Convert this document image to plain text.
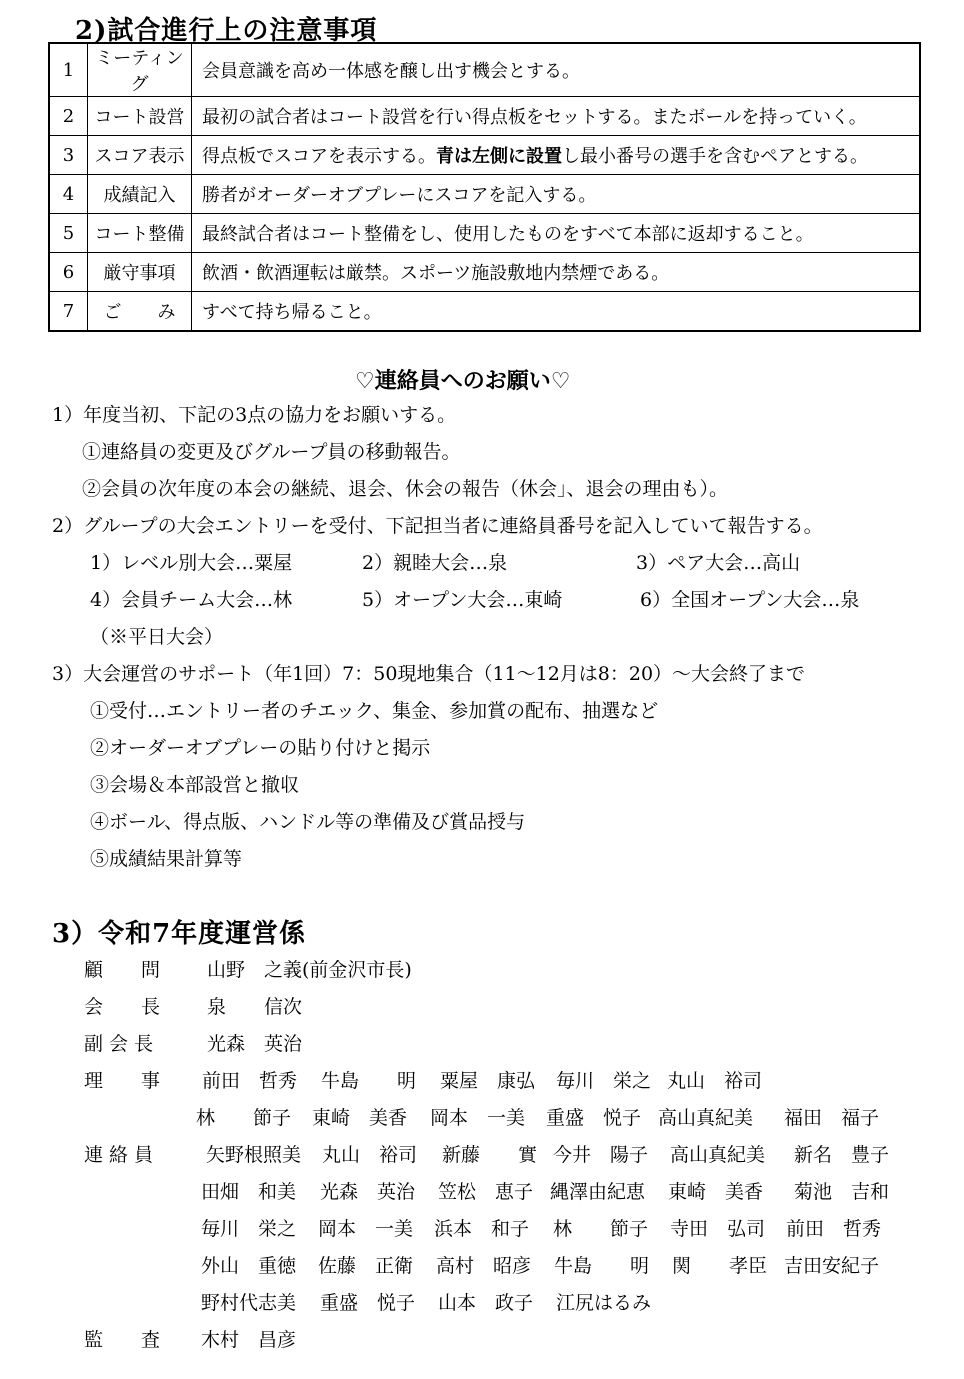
2)試合進行上の注意事項
1	ミーティング	会員意識を高め一体感を醸し出す機会とする。
2	コート設営	最初の試合者はコート設営を行い得点板をセットする。またボールを持っていく。
3	スコア表示	得点板でスコアを表示する。青は左側に設置し最小番号の選手を含むペアとする。
4	成績記入	勝者がオーダーオブプレーにスコアを記入する。
5	コート整備	最終試合者はコート整備をし、使用したものをすべて本部に返却すること。
6	厳守事項	飲酒・飲酒運転は厳禁。スポーツ施設敷地内禁煙である。
7	ご　　み	すべて持ち帰ること。
♡連絡員へのお願い♡
1）年度当初、下記の3点の協力をお願いする。
①連絡員の変更及びグループ員の移動報告。
②会員の次年度の本会の継続、退会、休会の報告（休会」、退会の理由も）。
2）グループの大会エントリーを受付、下記担当者に連絡員番号を記入していて報告する。
1）レベル別大会…粟屋	2）親睦大会…泉	3）ペア大会…高山
4）会員チーム大会…林	5）オープン大会…東崎	6）全国オープン大会…泉
（※平日大会）
3）大会運営のサポート（年1回）7：50現地集合（11～12月は8：20）～大会終了まで
①受付…エントリー者のチエック、集金、参加賞の配布、抽選など
②オーダーオブプレーの貼り付けと掲示
③会場＆本部設営と撤収
④ボール、得点版、ハンドル等の準備及び賞品授与
⑤成績結果計算等
3）令和7年度運営係
顧　　問 山野　之義(前金沢市長)
会　　長 泉　　信次
副 会 長	光森　英治
理　　事 前田　哲秀 牛島　　明 粟屋　康弘 毎川　栄之 丸山　裕司
林　　節子 東崎　美香 岡本　一美 重盛　悦子 高山真紀美 福田　福子
連 絡 員	矢野根照美 丸山　裕司 新藤　　實 今井　陽子 高山真紀美 新名　豊子
田畑　和美 光森　英治 笠松　恵子 縄澤由紀恵 東崎　美香 菊池　吉和
毎川　栄之 岡本　一美 浜本　和子 林　　節子 寺田　弘司 前田　哲秀
外山　重徳 佐藤　正衛 高村　昭彦 牛島　　明 関　　孝臣 吉田安紀子
野村代志美 重盛　悦子 山本　政子 江尻はるみ
監　　査 木村　昌彦
